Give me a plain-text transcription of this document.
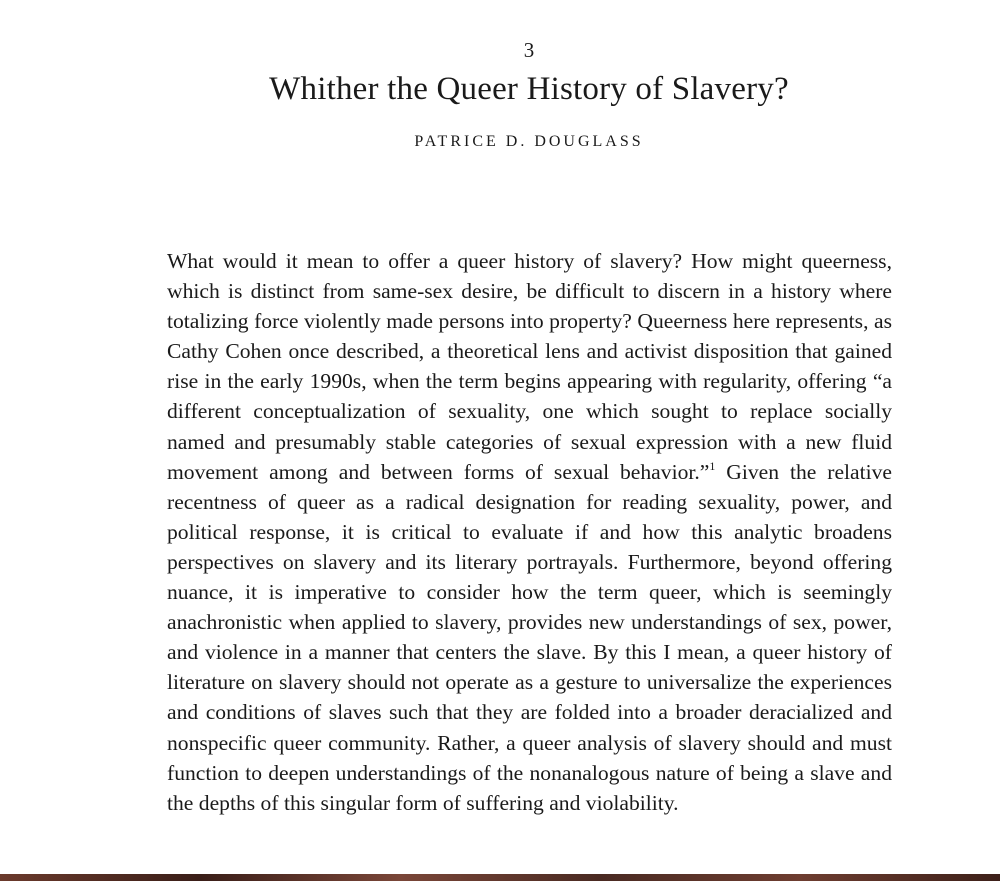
3
Whither the Queer History of Slavery?
PATRICE D. DOUGLASS

What would it mean to offer a queer history of slavery? How might queerness, which is distinct from same-sex desire, be difficult to discern in a history where totalizing force violently made persons into property? Queerness here represents, as Cathy Cohen once described, a theoretical lens and activist disposition that gained rise in the early 1990s, when the term begins appearing with regularity, offering “a different conceptualization of sexuality, one which sought to replace socially named and presumably stable categories of sexual expression with a new fluid movement among and between forms of sexual behavior.”$^1$ Given the relative recentness of queer as a radical designation for reading sexuality, power, and political response, it is critical to evaluate if and how this analytic broadens perspectives on slavery and its literary portrayals. Furthermore, beyond offering nuance, it is imperative to consider how the term queer, which is seemingly anachronistic when applied to slavery, provides new understandings of sex, power, and violence in a manner that centers the slave. By this I mean, a queer history of literature on slavery should not operate as a gesture to universalize the experiences and conditions of slaves such that they are folded into a broader deracialized and nonspecific queer community. Rather, a queer analysis of slavery should and must function to deepen understandings of the nonanalogous nature of being a slave and the depths of this singular form of suffering and violability.
